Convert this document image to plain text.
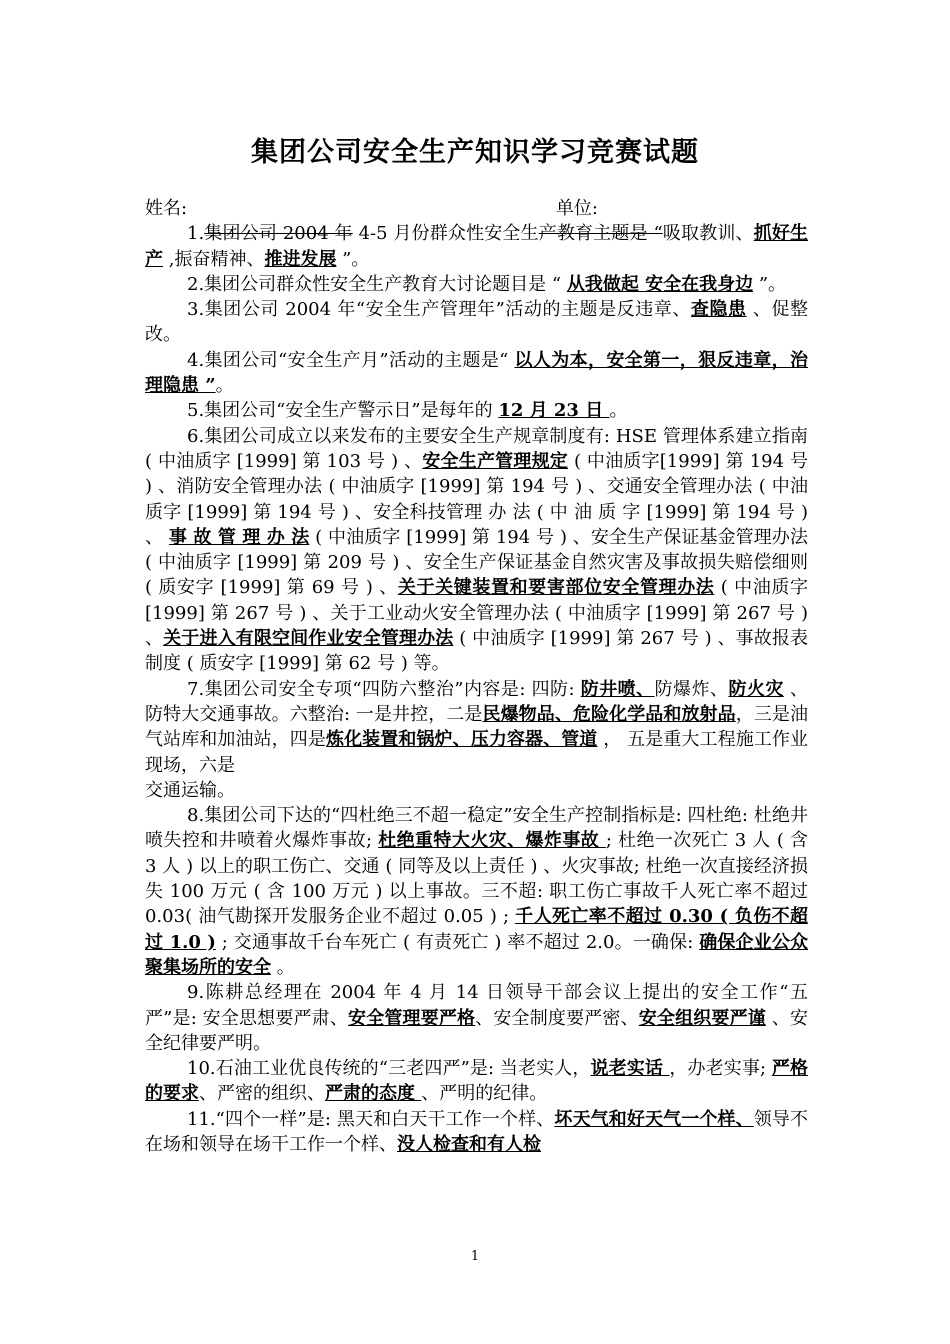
集团公司安全生产知识学习竞赛试题
姓名:	单位:

1.集团公司 2004 年 4-5 月份群众性安全生产教育主题是 “吸取教训、抓好生产 ,振奋精神、推进发展 ”。

2.集团公司群众性安全生产教育大讨论题目是 “ 从我做起 安全在我身边 ”。

3.集团公司 2004 年“安全生产管理年”活动的主题是反违章、查隐患 、促整改。

4.集团公司“安全生产月”活动的主题是“ 以人为本，安全第一，狠反违章，治理隐患 ”。

5.集团公司“安全生产警示日”是每年的 12 月 23 日 。

6.集团公司成立以来发布的主要安全生产规章制度有: HSE 管理体系建立指南 ( 中油质字 [1999] 第 103 号 ) 、安全生产管理规定 ( 中油质字[1999] 第 194 号 ) 、消防安全管理办法 ( 中油质字 [1999] 第 194 号 ) 、交通安全管理办法 ( 中油质字 [1999] 第 194 号 ) 、安全科技管理 办 法 ( 中 油 质 字 [1999] 第 194 号 ) 、 事 故 管 理 办 法 ( 中油质字 [1999] 第 194 号 ) 、安全生产保证基金管理办法 ( 中油质字 [1999] 第 209 号 ) 、安全生产保证基金自然灾害及事故损失赔偿细则 ( 质安字 [1999] 第 69 号 ) 、关于关键装置和要害部位安全管理办法 ( 中油质字 [1999] 第 267 号 ) 、关于工业动火安全管理办法 ( 中油质字 [1999] 第 267 号 ) 、关于进入有限空间作业安全管理办法 ( 中油质字 [1999] 第 267 号 ) 、事故报表制度 ( 质安字 [1999] 第 62 号 ) 等。

7.集团公司安全专项“四防六整治”内容是: 四防: 防井喷、防爆炸、防火灾 、防特大交通事故。六整治: 一是井控，二是民爆物品、危险化学品和放射品，三是油气站库和加油站，四是炼化装置和锅炉、压力容器、管道 ， 五是重大工程施工作业现场，六是

交通运输。

8.集团公司下达的“四杜绝三不超一稳定”安全生产控制指标是: 四杜绝: 杜绝井喷失控和井喷着火爆炸事故; 杜绝重特大火灾、爆炸事故 ; 杜绝一次死亡 3 人 ( 含 3 人 ) 以上的职工伤亡、交通 ( 同等及以上责任 ) 、火灾事故; 杜绝一次直接经济损失 100 万元 ( 含 100 万元 ) 以上事故。三不超: 职工伤亡事故千人死亡率不超过 0.03( 油气勘探开发服务企业不超过 0.05 ) ; 千人死亡率不超过 0.30 ( 负伤不超过 1.0 ) ; 交通事故千台车死亡 ( 有责死亡 ) 率不超过 2.0。一确保: 确保企业公众聚集场所的安全 。

9.陈耕总经理在 2004 年 4 月 14 日领导干部会议上提出的安全工作“五严”是: 安全思想要严肃、安全管理要严格、安全制度要严密、安全组织要严谨 、安全纪律要严明。

10.石油工业优良传统的“三老四严”是: 当老实人，说老实话 ，办老实事; 严格的要求、严密的组织、严肃的态度 、严明的纪律。

11.“四个一样”是: 黑天和白天干工作一个样、坏天气和好天气一个样、领导不在场和领导在场干工作一个样、没人检查和有人检

1
